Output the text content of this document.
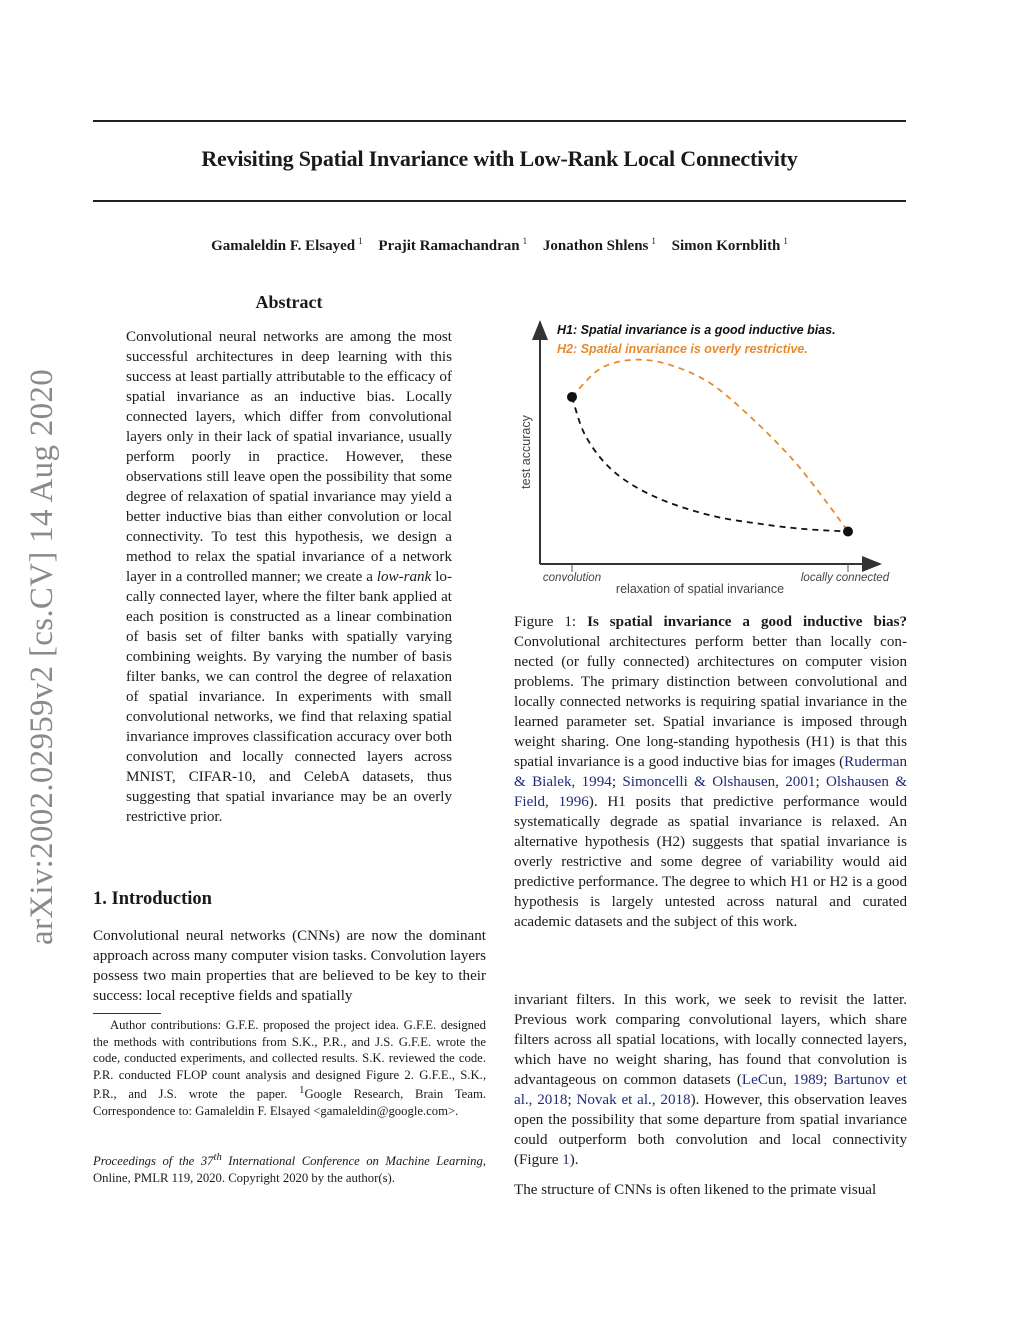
arXiv:2002.02959v2 [cs.CV] 14 Aug 2020
Revisiting Spatial Invariance with Low-Rank Local Connectivity
Gamaleldin F. Elsayed $^1$ Prajit Ramachandran $^1$ Jonathon Shlens $^1$ Simon Kornblith $^1$
Abstract
Convolutional neural networks are among the most successful architectures in deep learning with this success at least partially attributable to the efficacy of spatial invariance as an inductive bias. Locally connected layers, which differ from convolutional layers only in their lack of spatial invariance, usually perform poorly in practice. However, these observations still leave open the possibility that some degree of relaxation of spatial invariance may yield a better inductive bias than either convolution or local connectivity. To test this hypothesis, we design a method to relax the spatial invariance of a network layer in a controlled manner; we create a low-rank locally connected layer, where the filter bank applied at each position is constructed as a linear combination of basis set of filter banks with spatially varying combining weights. By varying the number of basis filter banks, we can control the degree of relaxation of spatial invariance. In experiments with small convolutional networks, we find that relaxing spatial invariance improves classification accuracy over both convolution and locally connected layers across MNIST, CIFAR-10, and CelebA datasets, thus suggesting that spatial invariance may be an overly restrictive prior.
1. Introduction
Convolutional neural networks (CNNs) are now the dominant approach across many computer vision tasks. Convolution layers possess two main properties that are believed to be key to their success: local receptive fields and spatially
Author contributions: G.F.E. proposed the project idea. G.F.E. designed the methods with contributions from S.K., P.R., and J.S. G.F.E. wrote the code, conducted experiments, and collected results. S.K. reviewed the code. P.R. conducted FLOP count analysis and designed Figure 2. G.F.E., S.K., P.R., and J.S. wrote the paper. $^1$Google Research, Brain Team. Correspondence to: Gamaleldin F. Elsayed <gamaleldin@google.com>.
Proceedings of the 37th International Conference on Machine Learning, Online, PMLR 119, 2020. Copyright 2020 by the author(s).
H1: Spatial invariance is a good inductive bias.
H2: Spatial invariance is overly restrictive.
test accuracy
convolution	locally connected
relaxation of spatial invariance
Figure 1: Is spatial invariance a good inductive bias? Convolutional architectures perform better than locally connected (or fully connected) architectures on computer vision problems. The primary distinction between convolutional and locally connected networks is requiring spatial invariance in the learned parameter set. Spatial invariance is imposed through weight sharing. One long-standing hypothesis (H1) is that this spatial invariance is a good inductive bias for images (Ruderman & Bialek, 1994; Simoncelli & Olshausen, 2001; Olshausen & Field, 1996). H1 posits that predictive performance would systematically degrade as spatial invariance is relaxed. An alternative hypothesis (H2) suggests that spatial invariance is overly restrictive and some degree of variability would aid predictive performance. The degree to which H1 or H2 is a good hypothesis is largely untested across natural and curated academic datasets and the subject of this work.
invariant filters. In this work, we seek to revisit the latter. Previous work comparing convolutional layers, which share filters across all spatial locations, with locally connected layers, which have no weight sharing, has found that convolution is advantageous on common datasets (LeCun, 1989; Bartunov et al., 2018; Novak et al., 2018). However, this observation leaves open the possibility that some departure from spatial invariance could outperform both convolution and local connectivity (Figure 1).
The structure of CNNs is often likened to the primate visual
